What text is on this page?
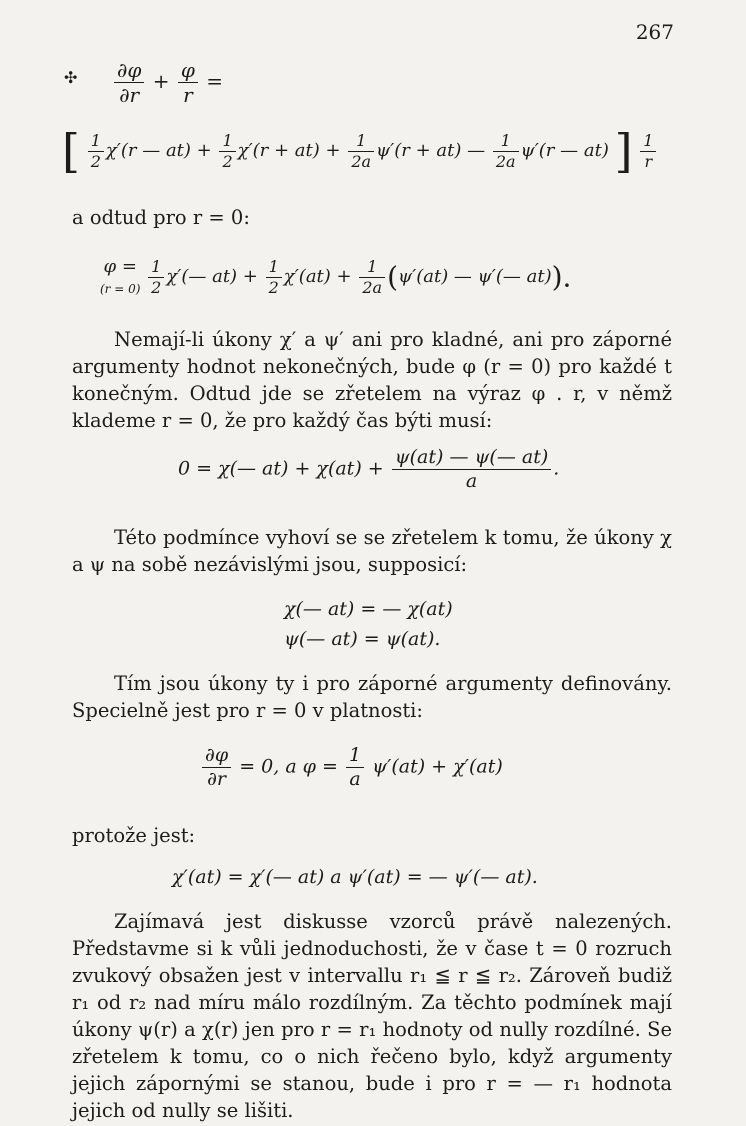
267
✣ $\frac{\partial\varphi}{\partial r} + \frac{\varphi}{r}$ =
[ $\frac{1}{2} \chi'(r$ — $at) + \frac{1}{2} \chi'(r + at) + \frac{1}{2a} \psi'(r + at)$ — $\frac{1}{2a} \psi'(r$ — at) ] $\frac{1}{r}$

a odtud pro r = 0:

φ =
$(r = 0) \frac{1}{2}$ χ′(— $at) + \frac{1}{2} \chi'(at) + \frac{1}{2a} (\psi'(at)$ — ψ′(— at)).

Nemají-li úkony χ′ a ψ′ ani pro kladné, ani pro záporné argumenty hodnot nekonečných, bude φ (r = 0) pro každé t konečným. Odtud jde se zřetelem na výraz φ . r, v němž klademe r = 0, že pro každý čas býti musí:

0 = χ(— $at) + \chi(at) + \frac{\psi(at) — \psi(— at)}{a}$ .

Této podmínce vyhoví se se zřetelem k tomu, že úkony χ a ψ na sobě nezávislými jsou, supposicí:

χ(— at) = — χ(at)
ψ(— at) = ψ(at).

Tím jsou úkony ty i pro záporné argumenty definovány. Specielně jest pro r = 0 v platnosti:

$\frac{\partial\varphi}{\partial r} = 0$, a $\varphi = \frac{1}{a} \psi'(at) + \chi'(at)$

protože jest:

χ′(at) = χ′(— at) a ψ′(at) = — ψ′(— at).

Zajímavá jest diskusse vzorců právě nalezených. Představme si k vůli jednoduchosti, že v čase t = 0 rozruch zvukový obsažen jest v intervallu r₁ ≦ r ≦ r₂. Zároveň budiž r₁ od r₂ nad míru málo rozdílným. Za těchto podmínek mají úkony ψ(r) a χ(r) jen pro r = r₁ hodnoty od nully rozdílné. Se zřetelem k tomu, co o nich řečeno bylo, když argumenty jejich zápornými se stanou, bude i pro r = — r₁ hodnota jejich od nully se lišiti.
